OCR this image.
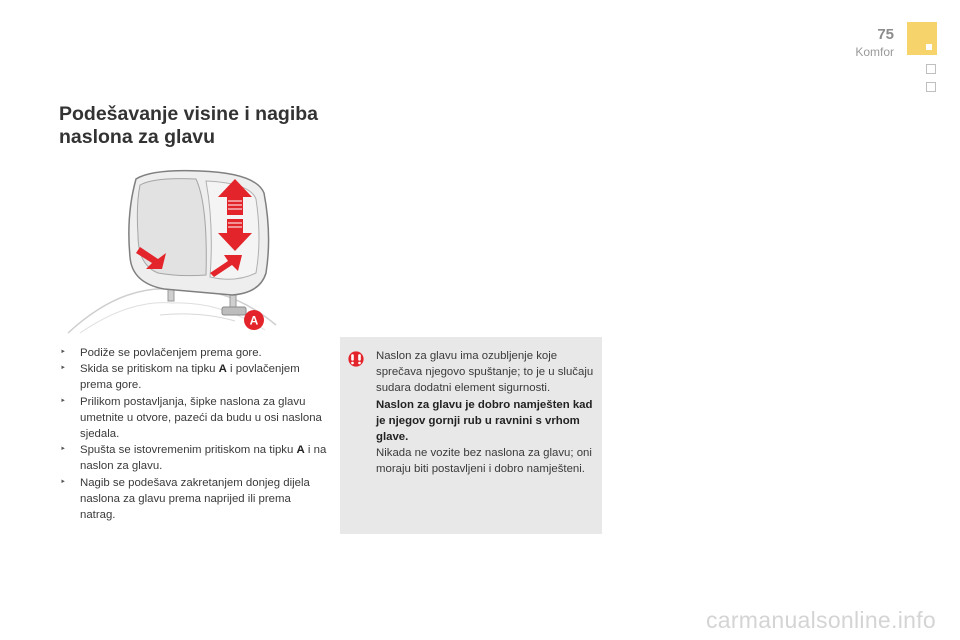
75
Komfor
Podešavanje visine i nagiba
naslona za glavu
A
‣ Podiže se povlačenjem prema gore.
‣ Skida se pritiskom na tipku A i povlačenjem prema gore.
‣ Prilikom postavljanja, šipke naslona za glavu umetnite u otvore, pazeći da budu u osi naslona sjedala.
‣ Spušta se istovremenim pritiskom na tipku A i na naslon za glavu.
‣ Nagib se podešava zakretanjem donjeg dijela naslona za glavu prema naprijed ili prema natrag.

Naslon za glavu ima ozubljenje koje sprečava njegovo spuštanje; to je u slučaju sudara dodatni element sigurnosti.

Naslon za glavu je dobro namješten kad je njegov gornji rub u ravnini s vrhom glave.

Nikada ne vozite bez naslona za glavu; oni moraju biti postavljeni i dobro namješteni.

carmanualsonline.info
